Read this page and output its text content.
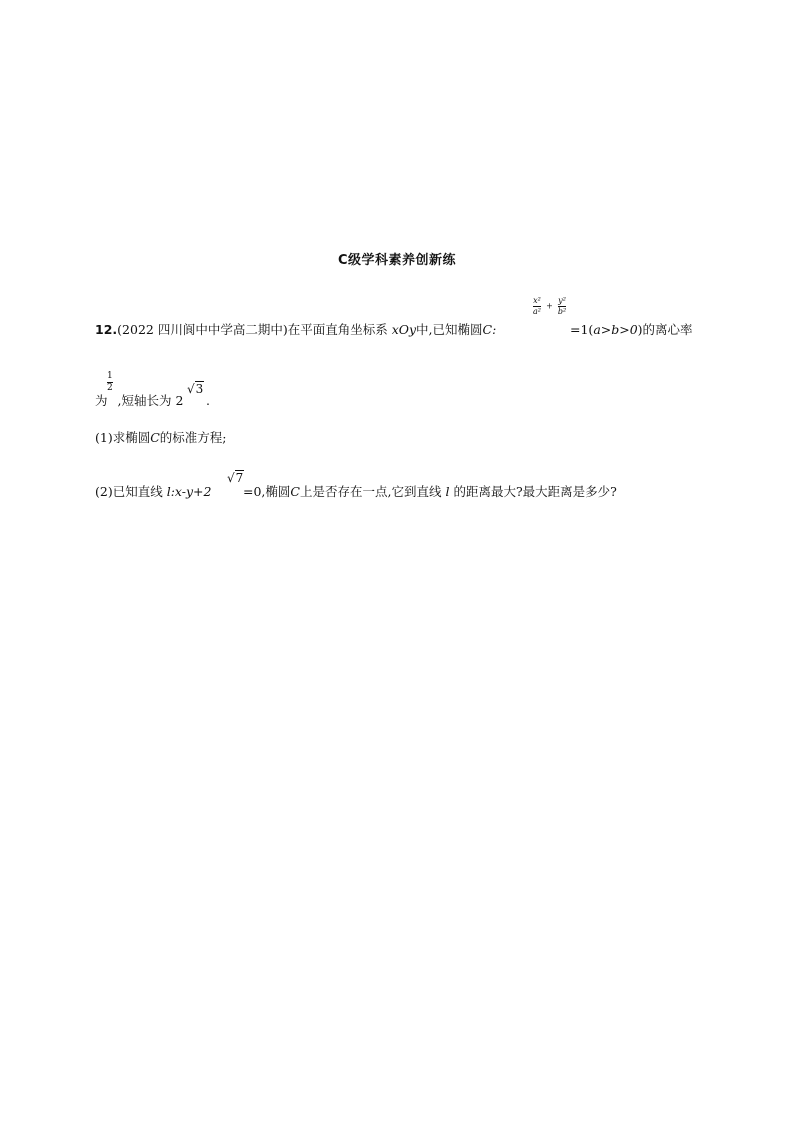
C级学科素养创新练
12.(2022 四川阆中中学高二期中)在平面直角坐标系 xOy中,已知椭圆C:
$\frac{\text{x²}}{\text{a²}} + \frac{\text{y²}}{\text{b²}}$
=1(a>b>0)的离心率
$\frac{1}{2}$
为 ,短轴长为 2
√3
.
(1)求椭圆C的标准方程;
(2)已知直线 l:x-y+2
√7
=0,椭圆C上是否存在一点,它到直线 l 的距离最大?最大距离是多少?
